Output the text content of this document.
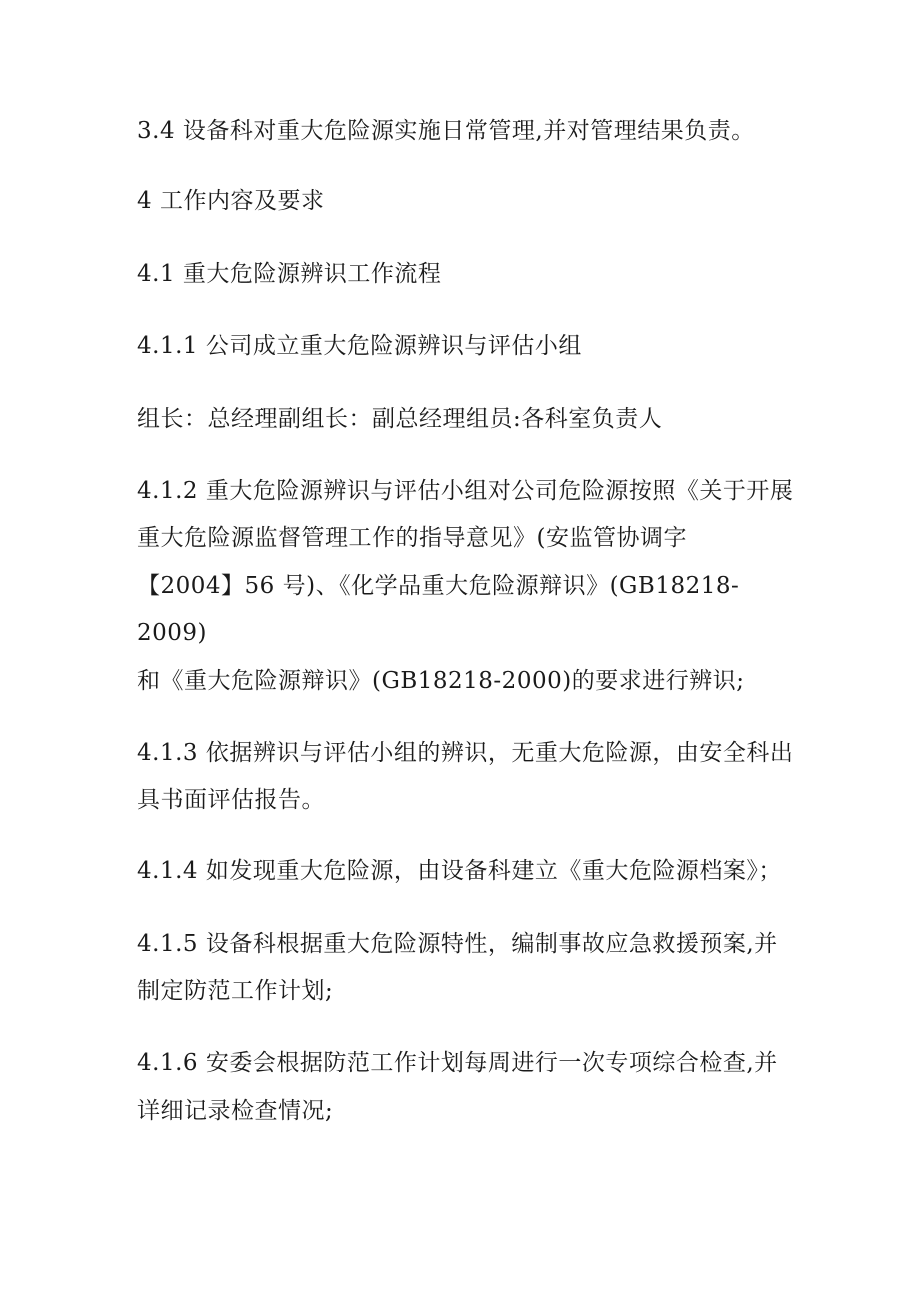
3.4 设备科对重大危险源实施日常管理,并对管理结果负责。
4 工作内容及要求
4.1 重大危险源辨识工作流程
4.1.1 公司成立重大危险源辨识与评估小组
组长：总经理副组长：副总经理组员:各科室负责人
4.1.2 重大危险源辨识与评估小组对公司危险源按照《关于开展
重大危险源监督管理工作的指导意见》(安监管协调字
【2004】56 号)、《化学品重大危险源辩识》(GB18218-
2009)
和《重大危险源辩识》(GB18218-2000)的要求进行辨识;
4.1.3 依据辨识与评估小组的辨识，无重大危险源，由安全科出
具书面评估报告。
4.1.4 如发现重大危险源，由设备科建立《重大危险源档案》；
4.1.5 设备科根据重大危险源特性，编制事故应急救援预案,并
制定防范工作计划;
4.1.6 安委会根据防范工作计划每周进行一次专项综合检查,并
详细记录检查情况;
